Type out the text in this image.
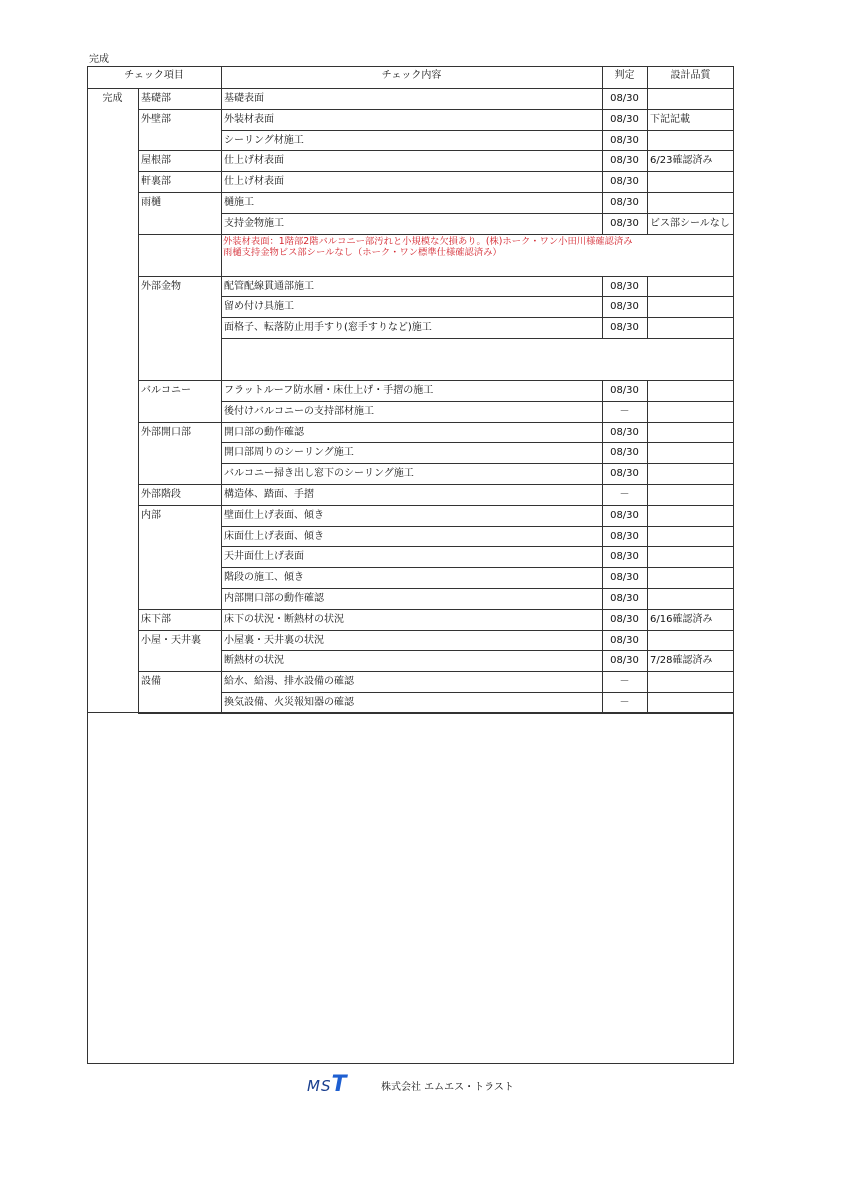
完成
チェック項目	チェック内容	判定	設計品質
完成	基礎部	基礎表面	08/30
外壁部	外装材表面	08/30	下記記載
シーリング材施工	08/30
屋根部	仕上げ材表面	08/30	6/23確認済み
軒裏部	仕上げ材表面	08/30
雨樋	樋施工	08/30
支持金物施工	08/30	ビス部シールなし
外装材表面：1階部2階バルコニー部汚れと小規模な欠損あり。(株)ホーク・ワン小田川様確認済み
雨樋支持金物ビス部シールなし（ホーク・ワン標準仕様確認済み）
外部金物	配管配線貫通部施工	08/30
留め付け具施工	08/30
面格子、転落防止用手すり(窓手すりなど)施工	08/30
バルコニー	フラットルーフ防水層・床仕上げ・手摺の施工	08/30
後付けバルコニーの支持部材施工	－
外部開口部	開口部の動作確認	08/30
開口部周りのシーリング施工	08/30
バルコニー掃き出し窓下のシーリング施工	08/30
外部階段	構造体、踏面、手摺	－
内部	壁面仕上げ表面、傾き	08/30
床面仕上げ表面、傾き	08/30
天井面仕上げ表面	08/30
階段の施工、傾き	08/30
内部開口部の動作確認	08/30
床下部	床下の状況・断熱材の状況	08/30	6/16確認済み
小屋・天井裏	小屋裏・天井裏の状況	08/30
断熱材の状況	08/30	7/28確認済み
設備	給水、給湯、排水設備の確認	－
換気設備、火災報知器の確認	－
MST	株式会社 エムエス・トラスト
